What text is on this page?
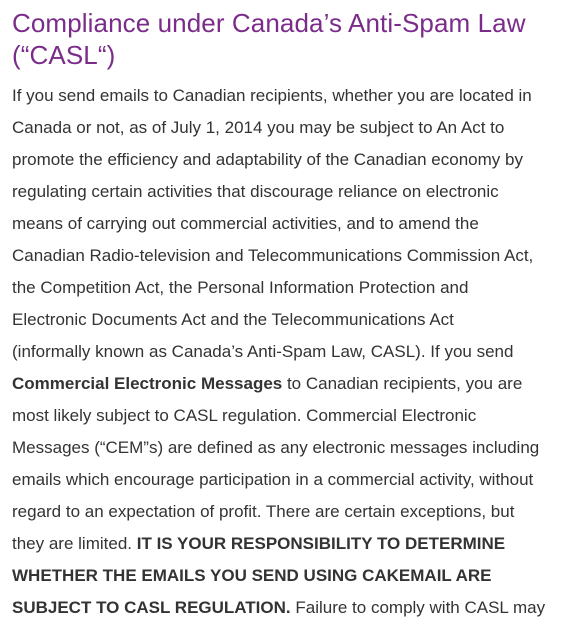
Compliance under Canada’s Anti-Spam Law
(“CASL“)
If you send emails to Canadian recipients, whether you are located in
Canada or not, as of July 1, 2014 you may be subject to An Act to
promote the efficiency and adaptability of the Canadian economy by
regulating certain activities that discourage reliance on electronic
means of carrying out commercial activities, and to amend the
Canadian Radio-television and Telecommunications Commission Act,
the Competition Act, the Personal Information Protection and
Electronic Documents Act and the Telecommunications Act
(informally known as Canada’s Anti-Spam Law, CASL). If you send
Commercial Electronic Messages to Canadian recipients, you are
most likely subject to CASL regulation. Commercial Electronic
Messages (“CEM”s) are defined as any electronic messages including
emails which encourage participation in a commercial activity, without
regard to an expectation of profit. There are certain exceptions, but
they are limited. IT IS YOUR RESPONSIBILITY TO DETERMINE
WHETHER THE EMAILS YOU SEND USING CAKEMAIL ARE
SUBJECT TO CASL REGULATION. Failure to comply with CASL may
